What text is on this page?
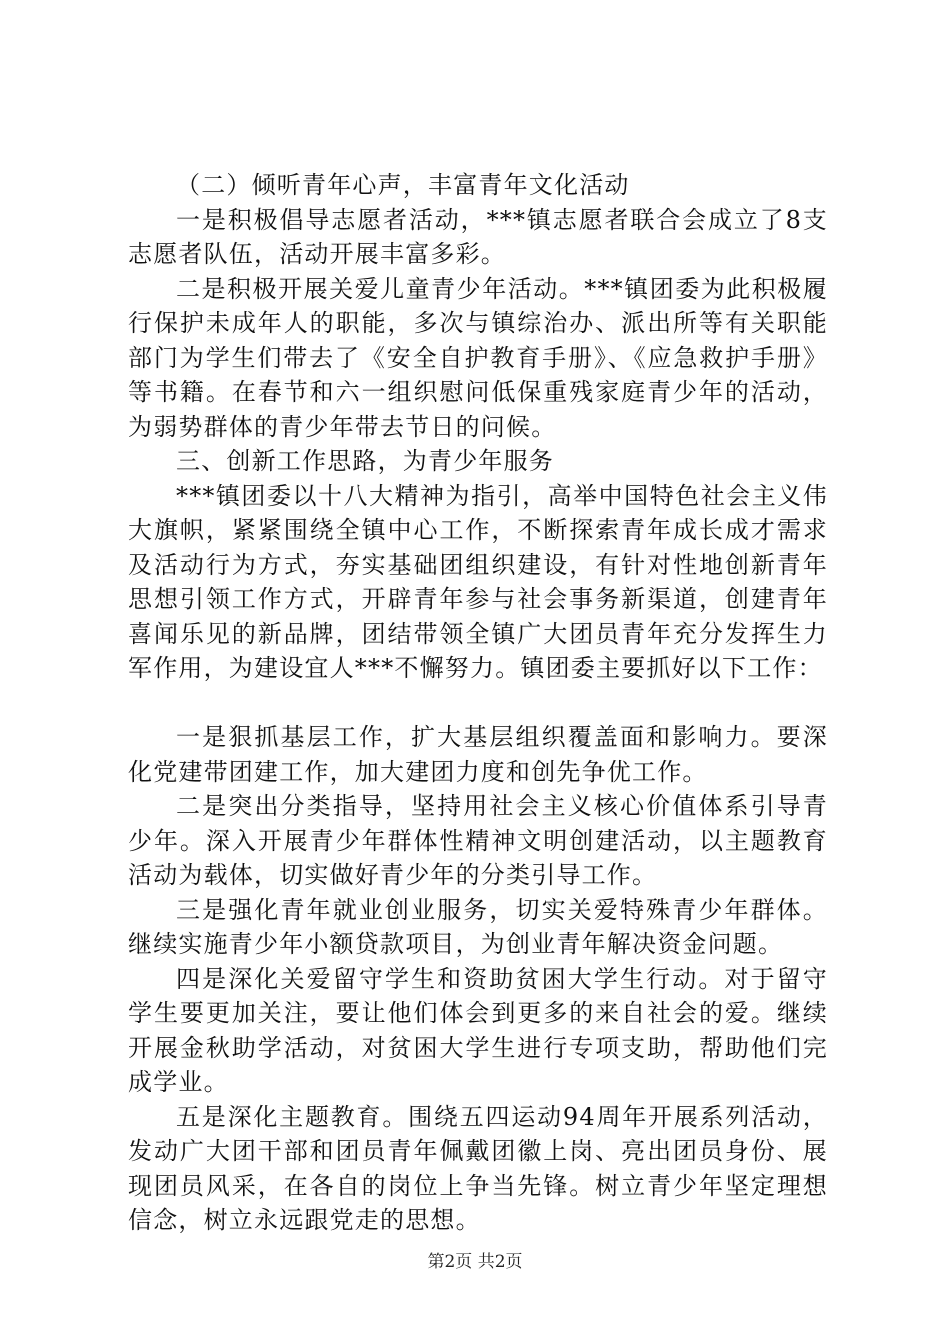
（二）倾听青年心声，丰富青年文化活动

一是积极倡导志愿者活动，***镇志愿者联合会成立了8支志愿者队伍，活动开展丰富多彩。

二是积极开展关爱儿童青少年活动。***镇团委为此积极履行保护未成年人的职能，多次与镇综治办、派出所等有关职能部门为学生们带去了《安全自护教育手册》、《应急救护手册》等书籍。在春节和六一组织慰问低保重残家庭青少年的活动，为弱势群体的青少年带去节日的问候。

三、创新工作思路，为青少年服务

***镇团委以十八大精神为指引，高举中国特色社会主义伟大旗帜，紧紧围绕全镇中心工作，不断探索青年成长成才需求及活动行为方式，夯实基础团组织建设，有针对性地创新青年思想引领工作方式，开辟青年参与社会事务新渠道，创建青年喜闻乐见的新品牌，团结带领全镇广大团员青年充分发挥生力军作用，为建设宜人***不懈努力。镇团委主要抓好以下工作：

一是狠抓基层工作，扩大基层组织覆盖面和影响力。要深化党建带团建工作，加大建团力度和创先争优工作。

二是突出分类指导，坚持用社会主义核心价值体系引导青少年。深入开展青少年群体性精神文明创建活动，以主题教育活动为载体，切实做好青少年的分类引导工作。

三是强化青年就业创业服务，切实关爱特殊青少年群体。继续实施青少年小额贷款项目，为创业青年解决资金问题。

四是深化关爱留守学生和资助贫困大学生行动。对于留守学生要更加关注，要让他们体会到更多的来自社会的爱。继续开展金秋助学活动，对贫困大学生进行专项支助，帮助他们完成学业。

五是深化主题教育。围绕五四运动94周年开展系列活动，发动广大团干部和团员青年佩戴团徽上岗、亮出团员身份、展现团员风采，在各自的岗位上争当先锋。树立青少年坚定理想信念，树立永远跟党走的思想。

第2页 共2页
